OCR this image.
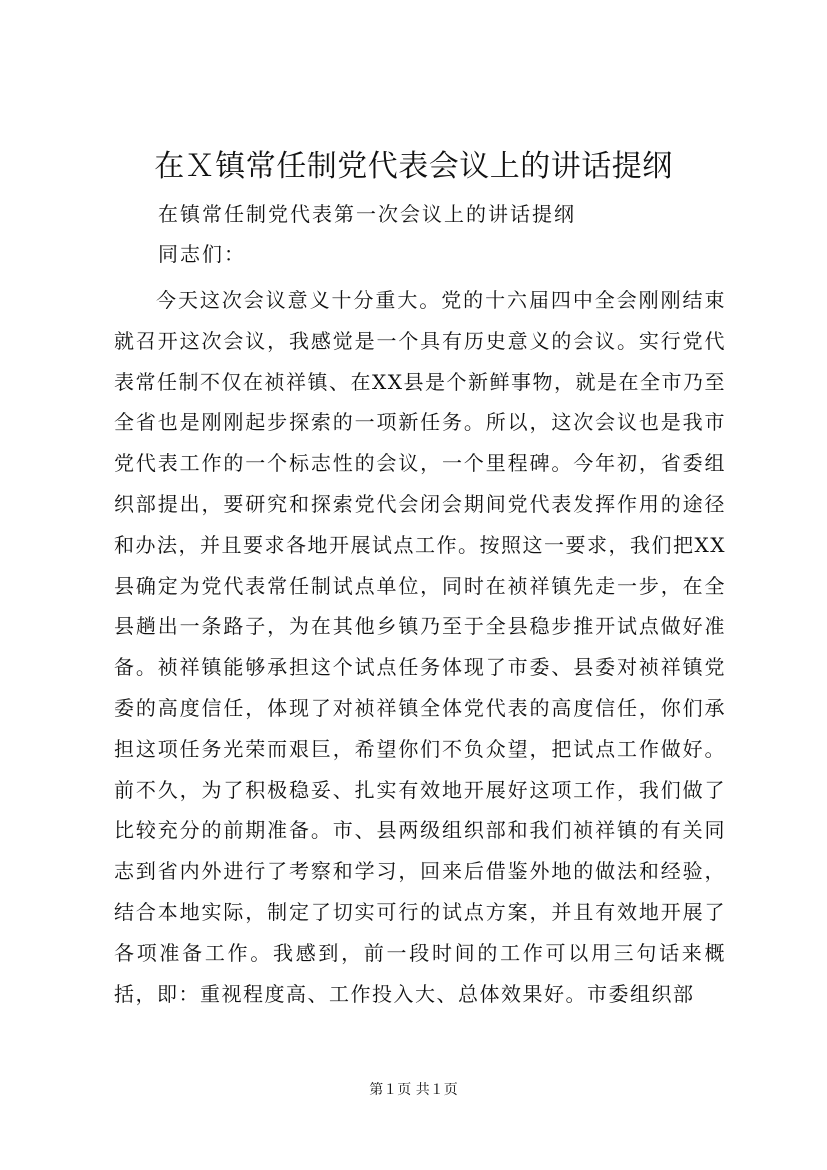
在Ｘ镇常任制党代表会议上的讲话提纲

在镇常任制党代表第一次会议上的讲话提纲

同志们：

今天这次会议意义十分重大。党的十六届四中全会刚刚结束就召开这次会议，我感觉是一个具有历史意义的会议。实行党代表常任制不仅在祯祥镇、在XX县是个新鲜事物，就是在全市乃至全省也是刚刚起步探索的一项新任务。所以，这次会议也是我市党代表工作的一个标志性的会议，一个里程碑。今年初，省委组织部提出，要研究和探索党代会闭会期间党代表发挥作用的途径和办法，并且要求各地开展试点工作。按照这一要求，我们把XX县确定为党代表常任制试点单位，同时在祯祥镇先走一步，在全县趟出一条路子，为在其他乡镇乃至于全县稳步推开试点做好准备。祯祥镇能够承担这个试点任务体现了市委、县委对祯祥镇党委的高度信任，体现了对祯祥镇全体党代表的高度信任，你们承担这项任务光荣而艰巨，希望你们不负众望，把试点工作做好。前不久，为了积极稳妥、扎实有效地开展好这项工作，我们做了比较充分的前期准备。市、县两级组织部和我们祯祥镇的有关同志到省内外进行了考察和学习，回来后借鉴外地的做法和经验，结合本地实际，制定了切实可行的试点方案，并且有效地开展了各项准备工作。我感到，前一段时间的工作可以用三句话来概括，即：重视程度高、工作投入大、总体效果好。市委组织部

第１页 共１页
